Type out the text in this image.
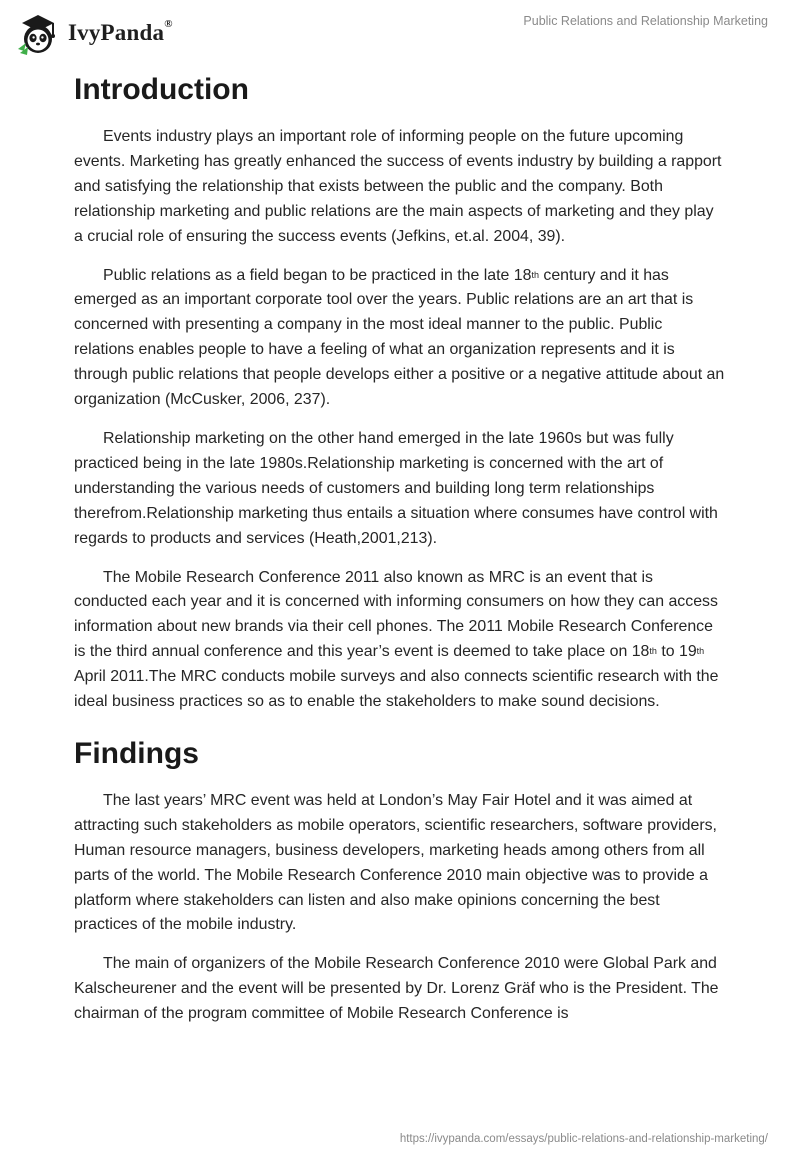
IvyPanda®	Public Relations and Relationship Marketing
Introduction

Events industry plays an important role of informing people on the future upcoming events. Marketing has greatly enhanced the success of events industry by building a rapport and satisfying the relationship that exists between the public and the company. Both relationship marketing and public relations are the main aspects of marketing and they play a crucial role of ensuring the success events (Jefkins, et.al. 2004, 39).

Public relations as a field began to be practiced in the late 18th century and it has emerged as an important corporate tool over the years. Public relations are an art that is concerned with presenting a company in the most ideal manner to the public. Public relations enables people to have a feeling of what an organization represents and it is through public relations that people develops either a positive or a negative attitude about an organization (McCusker, 2006, 237).

Relationship marketing on the other hand emerged in the late 1960s but was fully practiced being in the late 1980s.Relationship marketing is concerned with the art of understanding the various needs of customers and building long term relationships therefrom.Relationship marketing thus entails a situation where consumes have control with regards to products and services (Heath,2001,213).

The Mobile Research Conference 2011 also known as MRC is an event that is conducted each year and it is concerned with informing consumers on how they can access information about new brands via their cell phones. The 2011 Mobile Research Conference is the third annual conference and this year’s event is deemed to take place on 18th to 19th April 2011.The MRC conducts mobile surveys and also connects scientific research with the ideal business practices so as to enable the stakeholders to make sound decisions.

Findings

The last years’ MRC event was held at London’s May Fair Hotel and it was aimed at attracting such stakeholders as mobile operators, scientific researchers, software providers, Human resource managers, business developers, marketing heads among others from all parts of the world. The Mobile Research Conference 2010 main objective was to provide a platform where stakeholders can listen and also make opinions concerning the best practices of the mobile industry.

The main of organizers of the Mobile Research Conference 2010 were Global Park and Kalscheurener and the event will be presented by Dr. Lorenz Gräf who is the President. The chairman of the program committee of Mobile Research Conference is

https://ivypanda.com/essays/public-relations-and-relationship-marketing/
